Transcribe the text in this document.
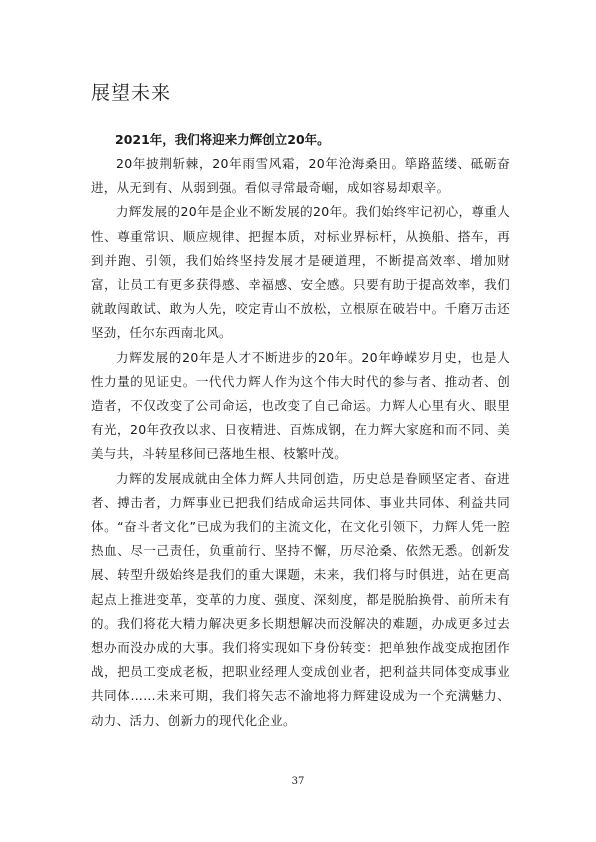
展望未来

2021年，我们将迎来力辉创立20年。

20年披荆斩棘，20年雨雪风霜，20年沧海桑田。筚路蓝缕、砥砺奋进，从无到有、从弱到强。看似寻常最奇崛，成如容易却艰辛。

力辉发展的20年是企业不断发展的20年。我们始终牢记初心，尊重人性、尊重常识、顺应规律、把握本质，对标业界标杆，从换船、搭车，再到并跑、引领，我们始终坚持发展才是硬道理，不断提高效率、增加财富，让员工有更多获得感、幸福感、安全感。只要有助于提高效率，我们就敢闯敢试、敢为人先，咬定青山不放松，立根原在破岩中。千磨万击还坚劲，任尔东西南北风。

力辉发展的20年是人才不断进步的20年。20年峥嵘岁月史，也是人性力量的见证史。一代代力辉人作为这个伟大时代的参与者、推动者、创造者，不仅改变了公司命运，也改变了自己命运。力辉人心里有火、眼里有光，20年孜孜以求、日夜精进、百炼成钢，在力辉大家庭和而不同、美美与共，斗转星移间已落地生根、枝繁叶茂。

力辉的发展成就由全体力辉人共同创造，历史总是眷顾坚定者、奋进者、搏击者，力辉事业已把我们结成命运共同体、事业共同体、利益共同体。“奋斗者文化”已成为我们的主流文化，在文化引领下，力辉人凭一腔热血、尽一己责任，负重前行、坚持不懈，历尽沧桑、依然无悉。创新发展、转型升级始终是我们的重大课题，未来，我们将与时俱进，站在更高起点上推进变革，变革的力度、强度、深刻度，都是脱胎换骨、前所未有的。我们将花大精力解决更多长期想解决而没解决的难题，办成更多过去想办而没办成的大事。我们将实现如下身份转变：把单独作战变成抱团作战，把员工变成老板，把职业经理人变成创业者，把利益共同体变成事业共同体……未来可期，我们将矢志不渝地将力辉建设成为一个充满魅力、动力、活力、创新力的现代化企业。

37
